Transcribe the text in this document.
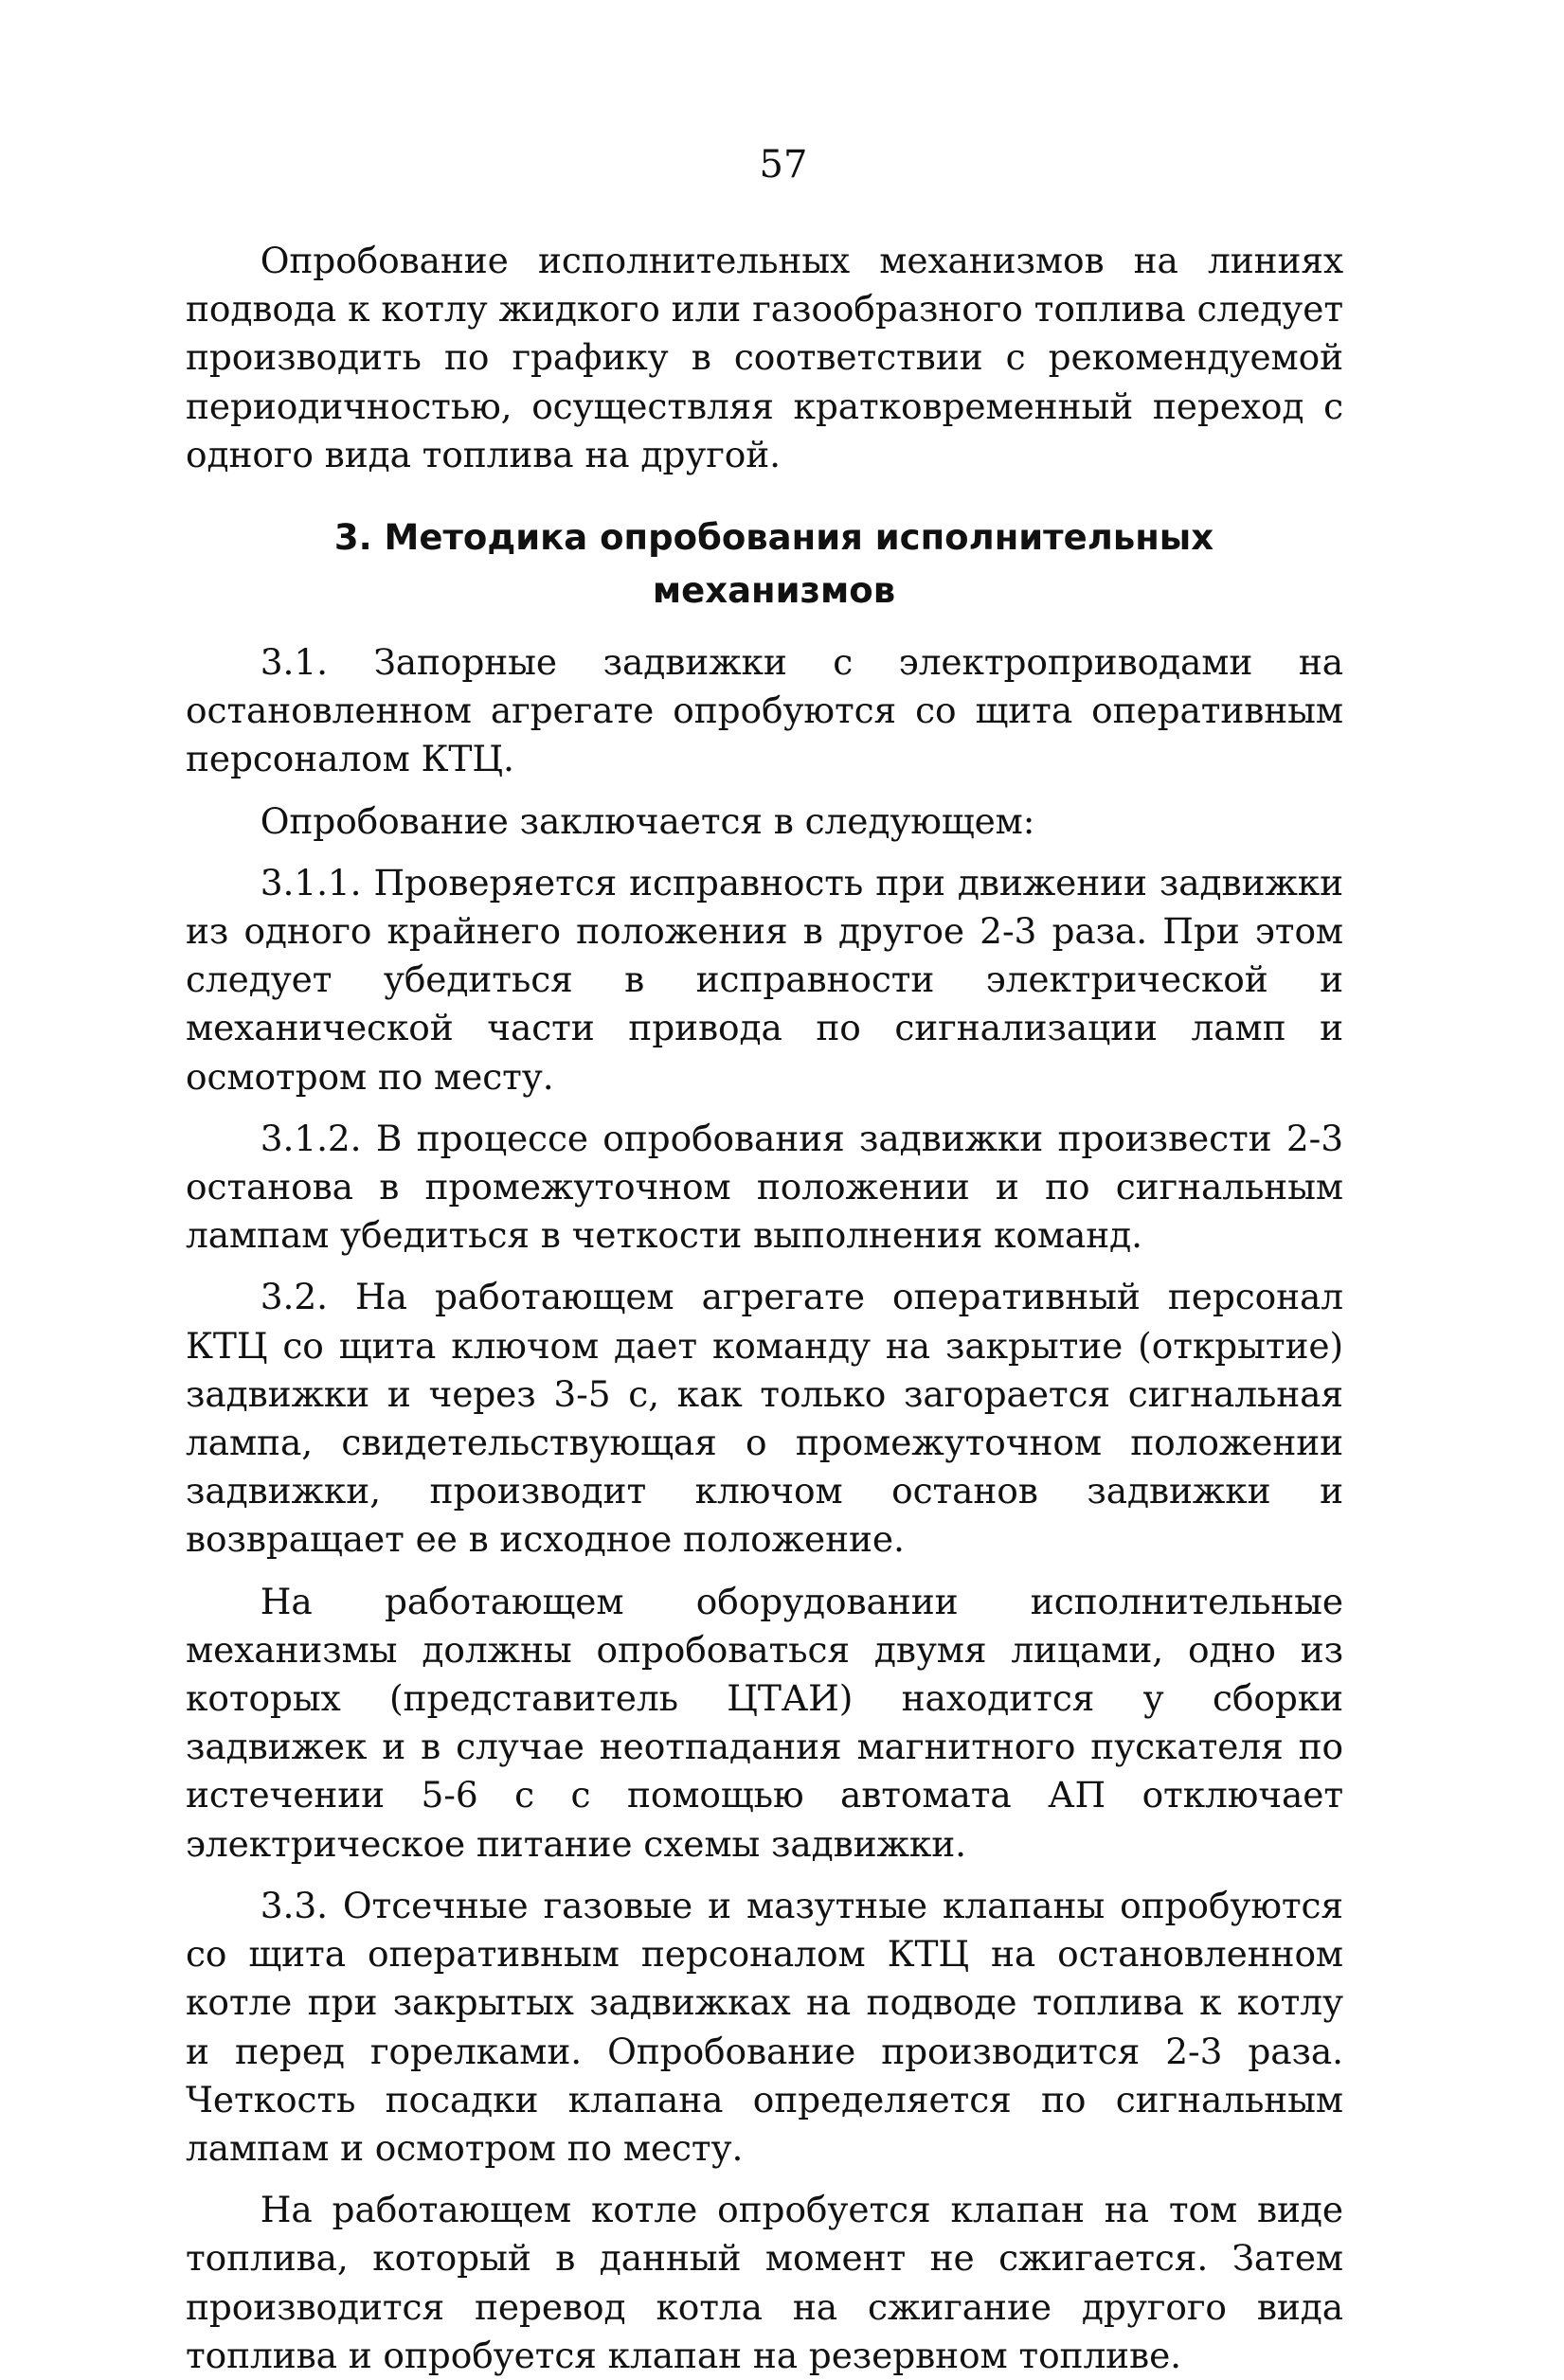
57

Опробование исполнительных механизмов на линиях подвода к котлу жидкого или газообразного топлива следует производить по графику в соответствии с рекомендуемой периодичностью, осуществляя кратковременный переход с одного вида топлива на другой.

3. Методика опробования исполнительных
механизмов

3.1. Запорные задвижки с электроприводами на остановленном агрегате опробуются со щита оперативным персоналом КТЦ.

Опробование заключается в следующем:

3.1.1. Проверяется исправность при движении задвижки из одного крайнего положения в другое 2-3 раза. При этом следует убедиться в исправности электрической и механической части привода по сигнализации ламп и осмотром по месту.

3.1.2. В процессе опробования задвижки произвести 2-3 останова в промежуточном положении и по сигнальным лампам убедиться в четкости выполнения команд.

3.2. На работающем агрегате оперативный персонал КТЦ со щита ключом дает команду на закрытие (открытие) задвижки и через 3-5 с, как только загорается сигнальная лампа, свидетельствующая о промежуточном положении задвижки, производит ключом останов задвижки и возвращает ее в исходное положение.

На работающем оборудовании исполнительные механизмы должны опробоваться двумя лицами, одно из которых (представитель ЦТАИ) находится у сборки задвижек и в случае неотпадания магнитного пускателя по истечении 5-6 с с помощью автомата АП отключает электрическое питание схемы задвижки.

3.3. Отсечные газовые и мазутные клапаны опробуются со щита оперативным персоналом КТЦ на остановленном котле при закрытых задвижках на подводе топлива к котлу и перед горелками. Опробование производится 2-3 раза. Четкость посадки клапана определяется по сигнальным лампам и осмотром по месту.

На работающем котле опробуется клапан на том виде топлива, который в данный момент не сжигается. Затем производится перевод котла на сжигание другого вида топлива и опробуется клапан на резервном топливе.
